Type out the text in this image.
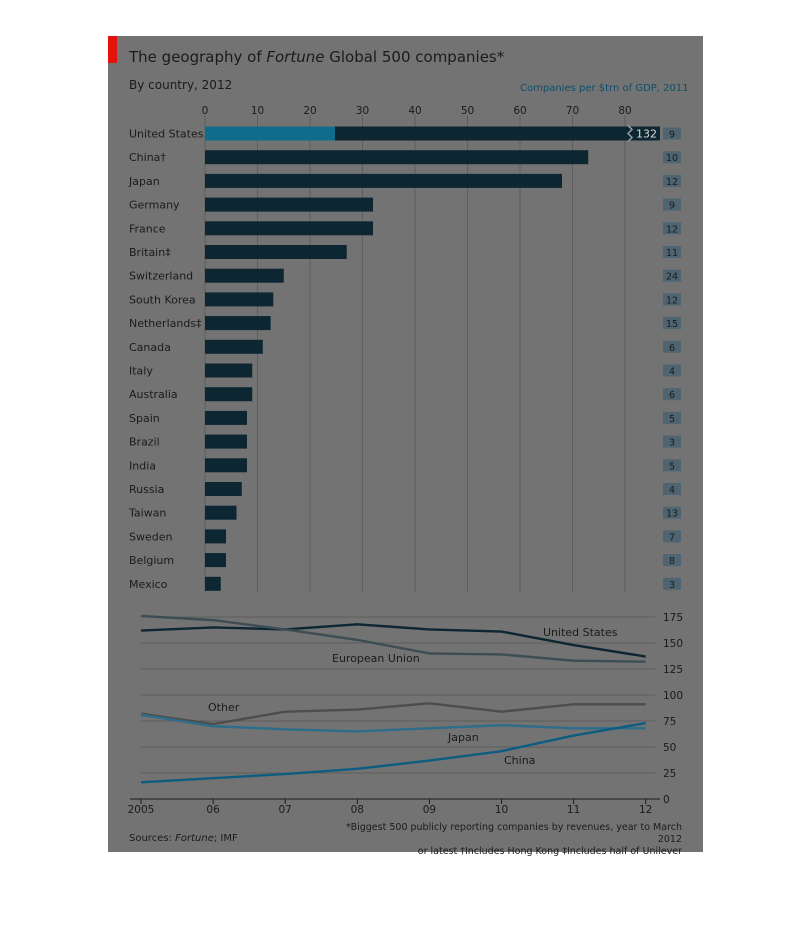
The geography of Fortune Global 500 companies*
By country, 2012	Companies per $trn of GDP, 2011
0	10	20	30	40	50	60	70	80
United States	132 9
China†	10
Japan	12
Germany	9
France	12
Britain‡	11
Switzerland	24
South Korea	12
Netherlands‡	15
Canada	6
Italy	4
Australia	6
Spain	5
Brazil	3
India	5
Russia	4
Taiwan	13
Sweden	7
Belgium	8
Mexico	3
175
150
125
100
75
50
25
0
2005	06	07	08	09	10	11	12
United States
European Union
Other
Japan
China
Sources: Fortune; IMF
*Biggest 500 publicly reporting companies by revenues, year to March 2012
or latest †Includes Hong Kong ‡Includes half of Unilever
